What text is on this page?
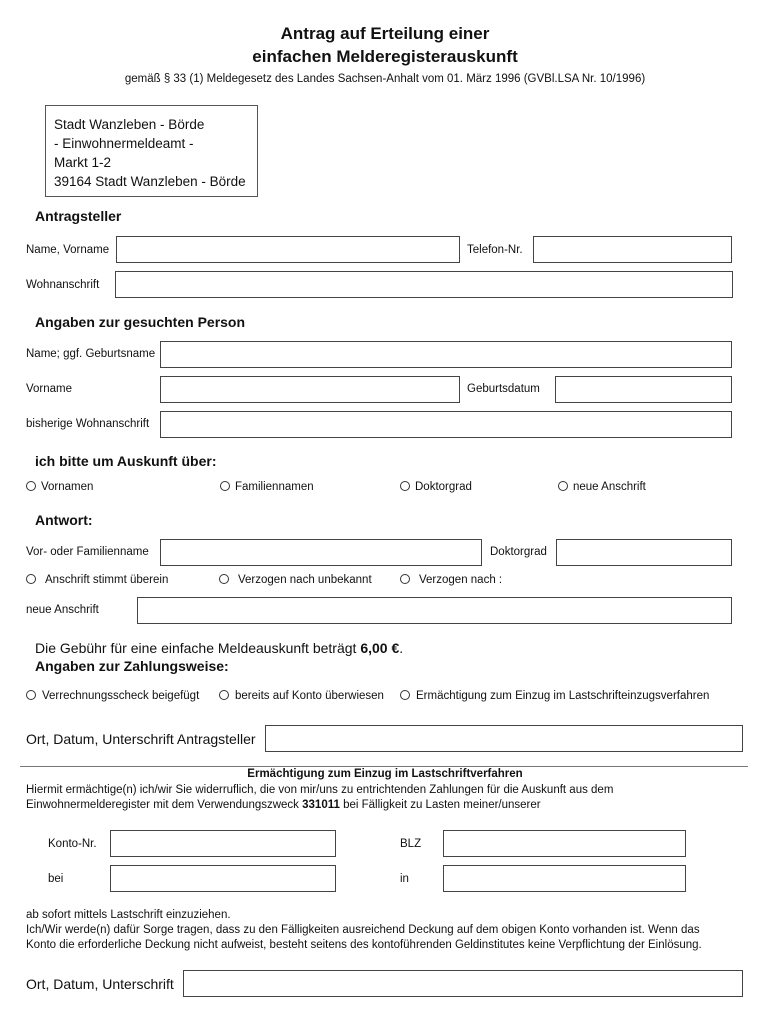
Antrag auf Erteilung einer
einfachen Melderegisterauskunft
gemäß § 33 (1) Meldegesetz des Landes Sachsen-Anhalt vom 01. März 1996 (GVBl.LSA Nr. 10/1996)
Stadt Wanzleben - Börde
- Einwohnermeldeamt -
Markt 1-2
39164 Stadt Wanzleben - Börde
Antragsteller
Name, Vorname	Telefon-Nr.
Wohnanschrift
Angaben zur gesuchten Person
Name; ggf. Geburtsname
Vorname	Geburtsdatum
bisherige Wohnanschrift
ich bitte um Auskunft über:
Vornamen	Familiennamen	Doktorgrad	neue Anschrift
Antwort:
Vor- oder Familienname	Doktorgrad
Anschrift stimmt überein	Verzogen nach unbekannt	Verzogen nach :
neue Anschrift
Die Gebühr für eine einfache Meldeauskunft beträgt 6,00 €.
Angaben zur Zahlungsweise:
Verrechnungsscheck beigefügt	bereits auf Konto überwiesen	Ermächtigung zum Einzug im Lastschrifteinzugsverfahren
Ort, Datum, Unterschrift Antragsteller
Ermächtigung zum Einzug im Lastschriftverfahren
Hiermit ermächtige(n) ich/wir Sie widerruflich, die von mir/uns zu entrichtenden Zahlungen für die Auskunft aus dem
Einwohnermelderegister mit dem Verwendungszweck 331011 bei Fälligkeit zu Lasten meiner/unserer
Konto-Nr.	BLZ
bei	in
ab sofort mittels Lastschrift einzuziehen.
Ich/Wir werde(n) dafür Sorge tragen, dass zu den Fälligkeiten ausreichend Deckung auf dem obigen Konto vorhanden ist. Wenn das
Konto die erforderliche Deckung nicht aufweist, besteht seitens des kontoführenden Geldinstitutes keine Verpflichtung der Einlösung.
Ort, Datum, Unterschrift
